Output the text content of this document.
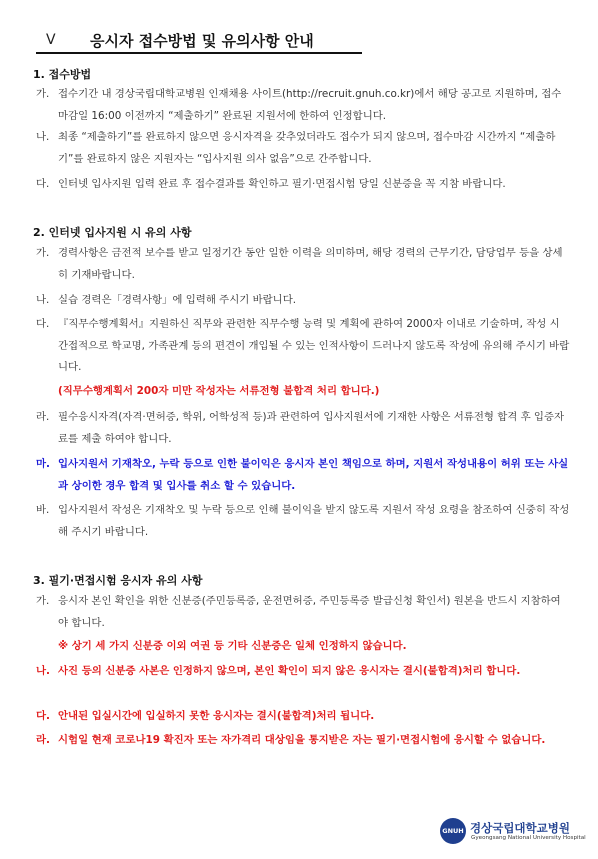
Ⅴ 응시자 접수방법 및 유의사항 안내
1. 접수방법
가. 접수기간 내 경상국립대학교병원 인재채용 사이트(http://recruit.gnuh.co.kr)에서 해당 공고로 지원하며, 접수 마감일 16:00 이전까지 “제출하기” 완료된 지원서에 한하여 인정합니다.
나. 최종 “제출하기”를 완료하지 않으면 응시자격을 갖추었더라도 접수가 되지 않으며, 접수마감 시간까지 “제출하기”를 완료하지 않은 지원자는 “입사지원 의사 없음”으로 간주합니다.
다. 인터넷 입사지원 입력 완료 후 접수결과를 확인하고 필기·면접시험 당일 신분증을 꼭 지참 바랍니다.
2. 인터넷 입사지원 시 유의 사항
가. 경력사항은 금전적 보수를 받고 일정기간 동안 일한 이력을 의미하며, 해당 경력의 근무기간, 담당업무 등을 상세히 기재바랍니다.
나. 실습 경력은「경력사항」에 입력해 주시기 바랍니다.
다. 『직무수행계획서』지원하신 직무와 관련한 직무수행 능력 및 계획에 관하여 2000자 이내로 기술하며, 작성 시 간접적으로 학교명, 가족관계 등의 편견이 개입될 수 있는 인적사항이 드러나지 않도록 작성에 유의해 주시기 바랍니다.
(직무수행계획서 200자 미만 작성자는 서류전형 불합격 처리 합니다.)
라. 필수응시자격(자격·면허증, 학위, 어학성적 등)과 관련하여 입사지원서에 기재한 사항은 서류전형 합격 후 입증자료를 제출 하여야 합니다.
마. 입사지원서 기재착오, 누락 등으로 인한 불이익은 응시자 본인 책임으로 하며, 지원서 작성내용이 허위 또는 사실과 상이한 경우 합격 및 입사를 취소 할 수 있습니다.
바. 입사지원서 작성은 기재착오 및 누락 등으로 인해 불이익을 받지 않도록 지원서 작성 요령을 참조하여 신중히 작성해 주시기 바랍니다.
3. 필기·면접시험 응시자 유의 사항
가. 응시자 본인 확인을 위한 신분증(주민등록증, 운전면허증, 주민등록증 발급신청 확인서) 원본을 반드시 지참하여야 합니다.
※ 상기 세 가지 신분증 이외 여권 등 기타 신분증은 일체 인정하지 않습니다.
나. 사진 등의 신분증 사본은 인정하지 않으며, 본인 확인이 되지 않은 응시자는 결시(불합격)처리 합니다.
다. 안내된 입실시간에 입실하지 못한 응시자는 결시(불합격)처리 됩니다.
라. 시험일 현재 코로나19 확진자 또는 자가격리 대상임을 통지받은 자는 필기·면접시험에 응시할 수 없습니다.
GNUH 경상국립대학교병원
Gyeongsang National University Hospital
